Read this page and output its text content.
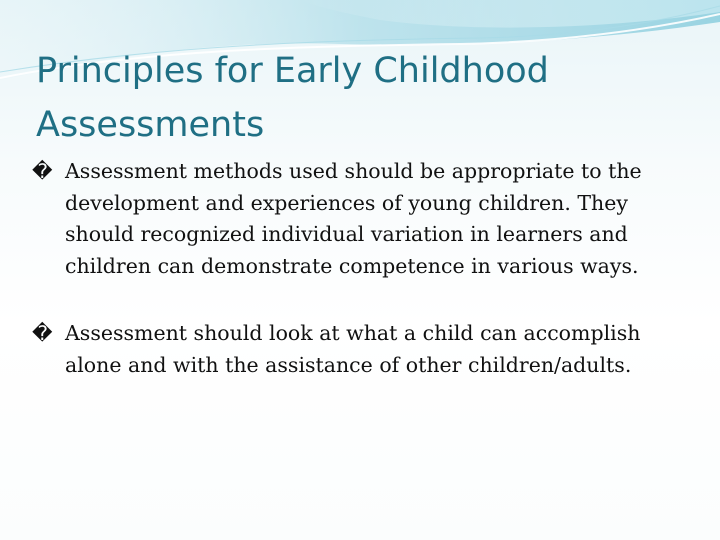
Principles for Early Childhood Assessments
� Assessment methods used should be appropriate to the development and experiences of young children. They should recognized individual variation in learners and children can demonstrate competence in various ways.
� Assessment should look at what a child can accomplish alone and with the assistance of other children/adults.
